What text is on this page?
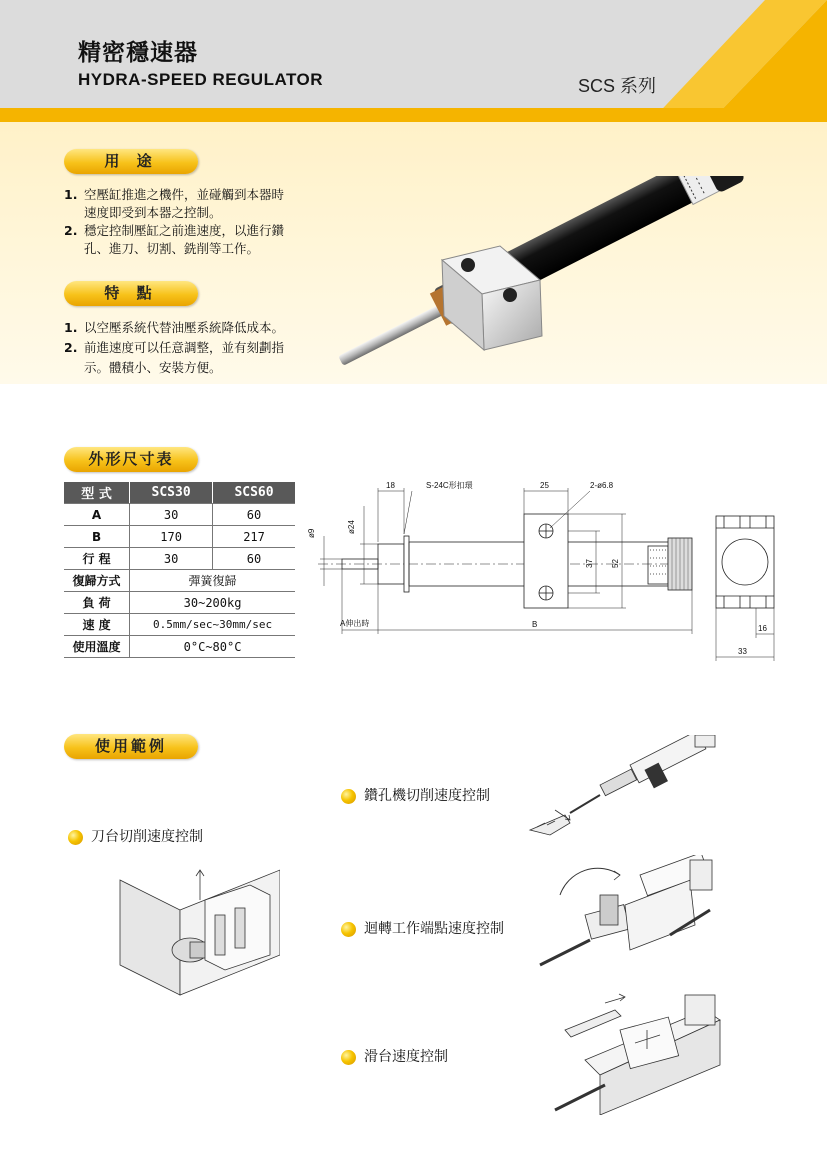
精密穩速器
HYDRA-SPEED REGULATOR	SCS 系列
用 途
1. 空壓缸推進之機件，並碰觸到本器時
速度即受到本器之控制。
2. 穩定控制壓缸之前進速度，以進行鑽
孔、進刀、切割、銑削等工作。
特 點
1. 以空壓系統代替油壓系統降低成本。
2. 前進速度可以任意調整，並有刻劃指
示。體積小、安裝方便。
外形尺寸表
型 式	SCS30	SCS60
A	30	60
B	170	217
行 程	30	60
復歸方式	彈簧復歸	
負 荷	30~200kg	
速 度	0.5mm/sec~30mm/sec	
使用溫度	0°C~80°C	
18	S-24C形扣環	25	2-ø6.8
ø9	ø24
37 52
A伸出時	B	16
33
使用範例
刀台切削速度控制
鑽孔機切削速度控制
迴轉工作端點速度控制
滑台速度控制
